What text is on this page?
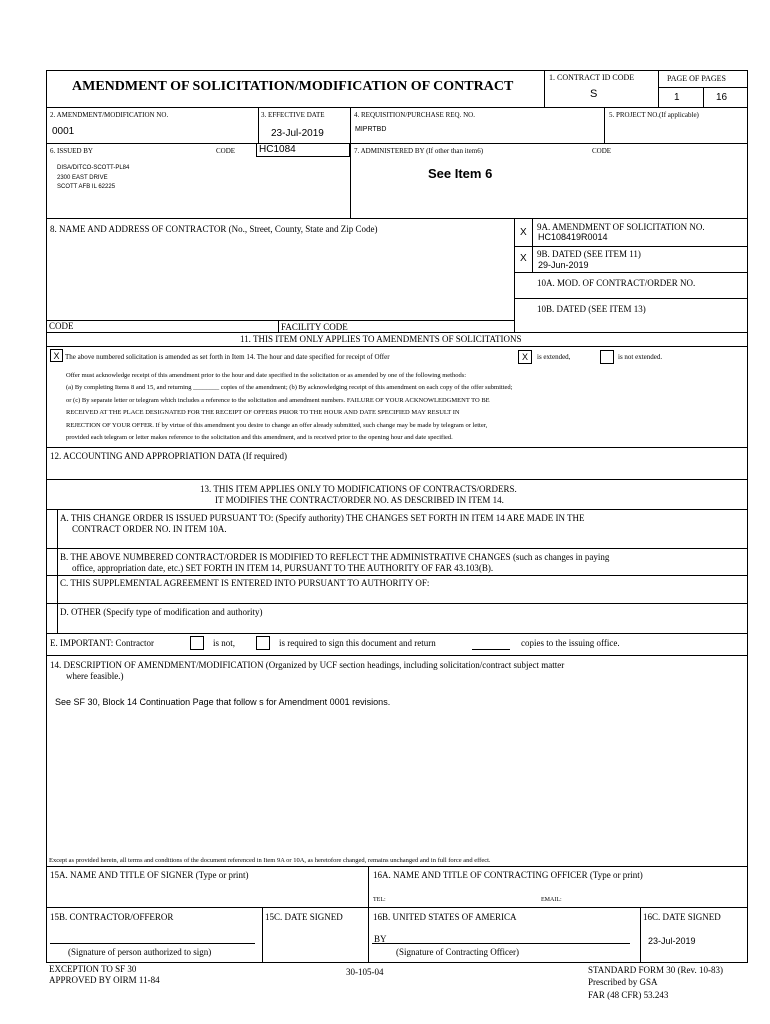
AMENDMENT OF SOLICITATION/MODIFICATION OF CONTRACT
1. CONTRACT ID CODE
S
PAGE OF PAGES
1	16
2. AMENDMENT/MODIFICATION NO.
0001
3. EFFECTIVE DATE
23-Jul-2019
4. REQUISITION/PURCHASE REQ. NO.
MIPRTBD
5. PROJECT NO.(If applicable)
6. ISSUED BY	CODE HC1084
DISA/DITCO-SCOTT-PL84
2300 EAST DRIVE
SCOTT AFB IL 62225
7. ADMINISTERED BY (If other than item6)	CODE
See Item 6
8. NAME AND ADDRESS OF CONTRACTOR (No., Street, County, State and Zip Code)	X 9A. AMENDMENT OF SOLICITATION NO.
HC108419R0014
X 9B. DATED (SEE ITEM 11)
29-Jun-2019
10A. MOD. OF CONTRACT/ORDER NO.
10B. DATED (SEE ITEM 13)
CODE	FACILITY CODE
11. THIS ITEM ONLY APPLIES TO AMENDMENTS OF SOLICITATIONS
X The above numbered solicitation is amended as set forth in Item 14. The hour and date specified for receipt of Offer	X	is extended,	is not extended.
Offer must acknowledge receipt of this amendment prior to the hour and date specified in the solicitation or as amended by one of the following methods:
(a) By completing Items 8 and 15, and returning ________ copies of the amendment; (b) By acknowledging receipt of this amendment on each copy of the offer submitted;
or (c) By separate letter or telegram which includes a reference to the solicitation and amendment numbers. FAILURE OF YOUR ACKNOWLEDGMENT TO BE
RECEIVED AT THE PLACE DESIGNATED FOR THE RECEIPT OF OFFERS PRIOR TO THE HOUR AND DATE SPECIFIED MAY RESULT IN
REJECTION OF YOUR OFFER. If by virtue of this amendment you desire to change an offer already submitted, such change may be made by telegram or letter,
provided each telegram or letter makes reference to the solicitation and this amendment, and is received prior to the opening hour and date specified.
12. ACCOUNTING AND APPROPRIATION DATA (If required)
13. THIS ITEM APPLIES ONLY TO MODIFICATIONS OF CONTRACTS/ORDERS.
IT MODIFIES THE CONTRACT/ORDER NO. AS DESCRIBED IN ITEM 14.
A. THIS CHANGE ORDER IS ISSUED PURSUANT TO: (Specify authority) THE CHANGES SET FORTH IN ITEM 14 ARE MADE IN THE
CONTRACT ORDER NO. IN ITEM 10A.
B. THE ABOVE NUMBERED CONTRACT/ORDER IS MODIFIED TO REFLECT THE ADMINISTRATIVE CHANGES (such as changes in paying
office, appropriation date, etc.) SET FORTH IN ITEM 14, PURSUANT TO THE AUTHORITY OF FAR 43.103(B).
C. THIS SUPPLEMENTAL AGREEMENT IS ENTERED INTO PURSUANT TO AUTHORITY OF:
D. OTHER (Specify type of modification and authority)
E. IMPORTANT: Contractor	is not,	is required to sign this document and return	copies to the issuing office.
14. DESCRIPTION OF AMENDMENT/MODIFICATION (Organized by UCF section headings, including solicitation/contract subject matter
where feasible.)
See SF 30, Block 14 Continuation Page that follow s for Amendment 0001 revisions.
Except as provided herein, all terms and conditions of the document referenced in Item 9A or 10A, as heretofore changed, remains unchanged and in full force and effect.
15A. NAME AND TITLE OF SIGNER (Type or print)	16A. NAME AND TITLE OF CONTRACTING OFFICER (Type or print)
TEL:	EMAIL:
15B. CONTRACTOR/OFFEROR	15C. DATE SIGNED	16B. UNITED STATES OF AMERICA	16C. DATE SIGNED
BY	23-Jul-2019
(Signature of person authorized to sign)	(Signature of Contracting Officer)
EXCEPTION TO SF 30
APPROVED BY OIRM 11-84
30-105-04	STANDARD FORM 30 (Rev. 10-83)
Prescribed by GSA
FAR (48 CFR) 53.243
